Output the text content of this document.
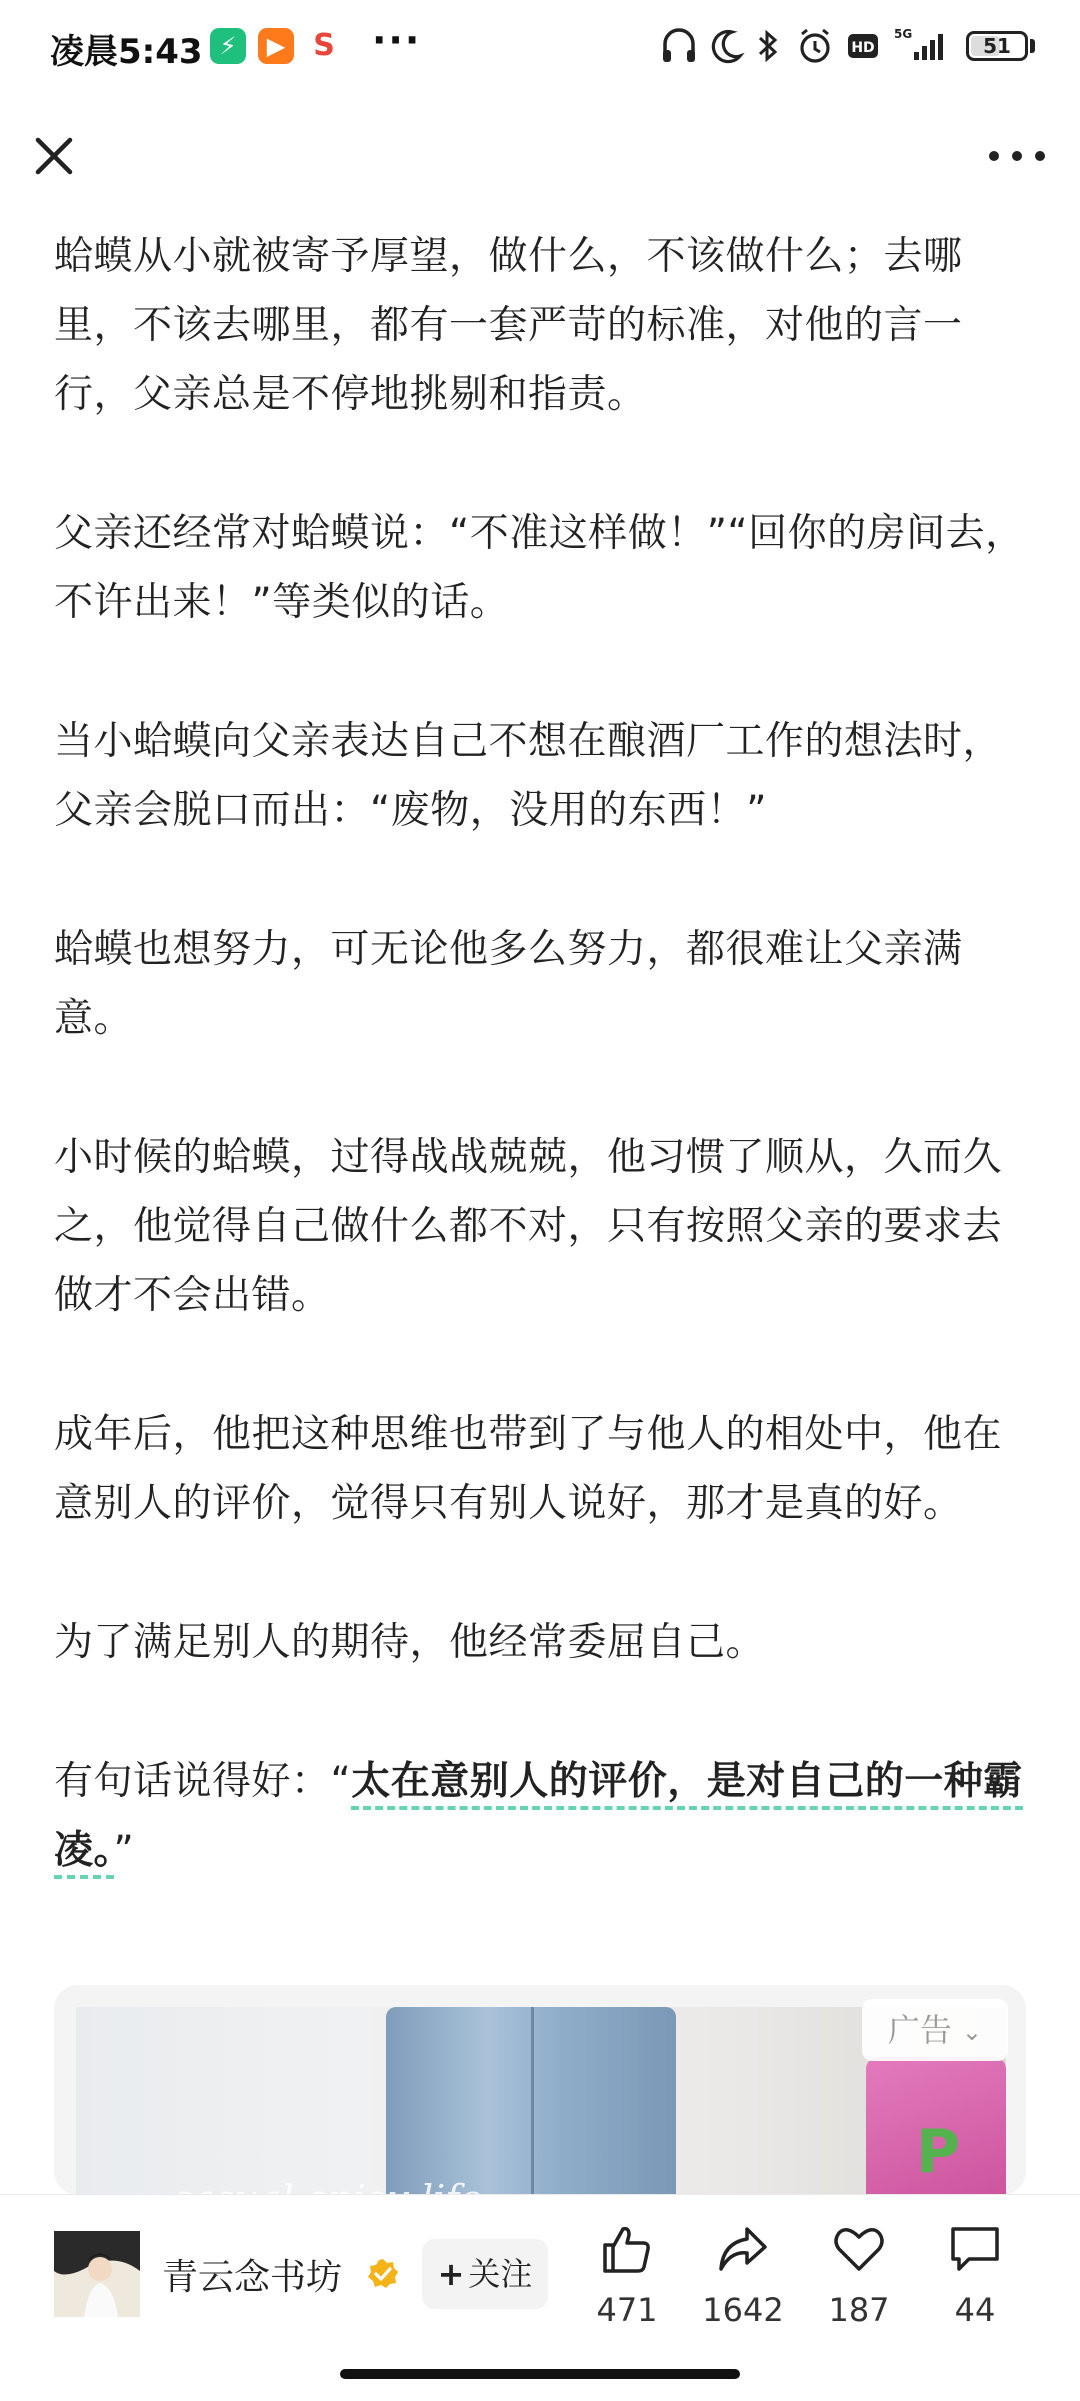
凌晨5:43 ⚡	▶ S ···	HD
5G	51

蛤蟆从小就被寄予厚望，做什么，不该做什么；去哪里，不该去哪里，都有一套严苛的标准，对他的言一行，父亲总是不停地挑剔和指责。

父亲还经常对蛤蟆说：“不准这样做！”“回你的房间去，不许出来！”等类似的话。

当小蛤蟆向父亲表达自己不想在酿酒厂工作的想法时，父亲会脱口而出：“废物，没用的东西！”

蛤蟆也想努力，可无论他多么努力，都很难让父亲满意。

小时候的蛤蟆，过得战战兢兢，他习惯了顺从，久而久之，他觉得自己做什么都不对，只有按照父亲的要求去做才不会出错。

成年后，他把这种思维也带到了与他人的相处中，他在意别人的评价，觉得只有别人说好，那才是真的好。

为了满足别人的期待，他经常委屈自己。

有句话说得好：“太在意别人的评价，是对自己的一种霸凌。”

P
广告 ⌄
青云念书坊	+ 关注
471	1642	187	44
